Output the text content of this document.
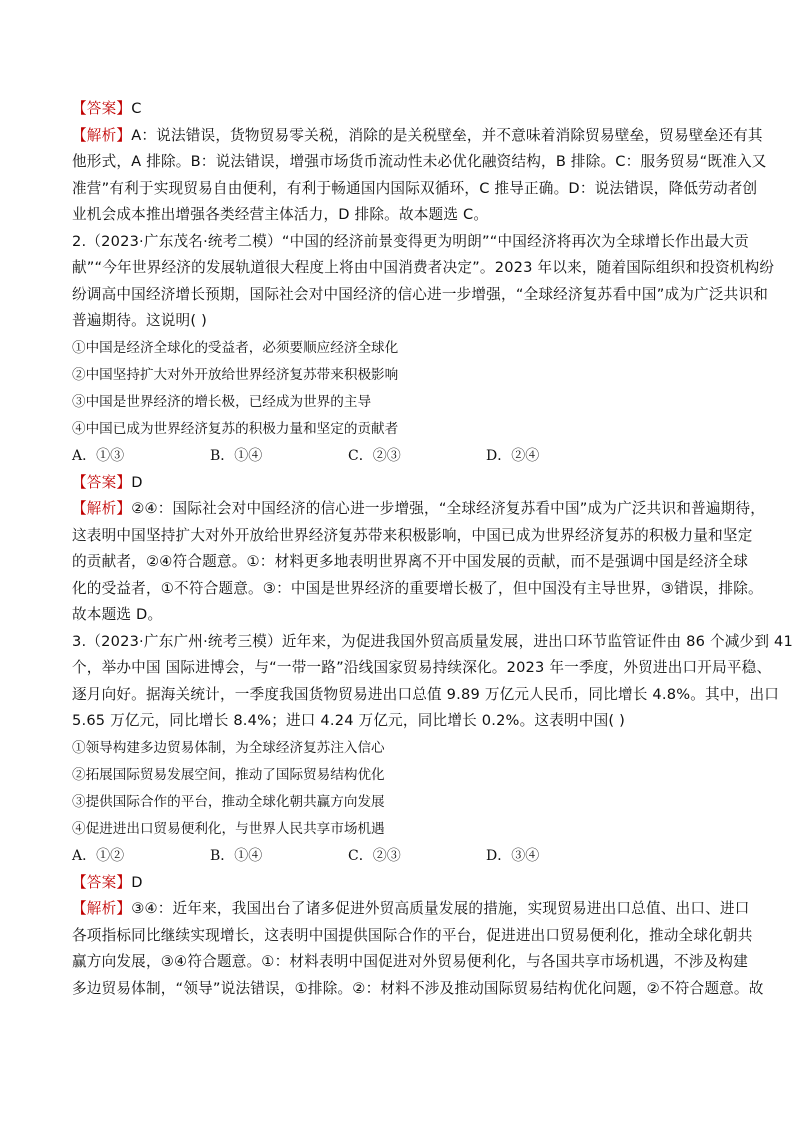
【答案】C
【解析】A：说法错误，货物贸易零关税，消除的是关税壁垒，并不意味着消除贸易壁垒，贸易壁垒还有其
他形式，A 排除。B：说法错误，增强市场货币流动性未必优化融资结构，B 排除。C：服务贸易“既准入又
准营”有利于实现贸易自由便利，有利于畅通国内国际双循环，C 推导正确。D：说法错误，降低劳动者创
业机会成本推出增强各类经营主体活力，D 排除。故本题选 C。
2.（2023·广东茂名·统考二模）“中国的经济前景变得更为明朗”“中国经济将再次为全球增长作出最大贡
献”“今年世界经济的发展轨道很大程度上将由中国消费者决定”。2023 年以来，随着国际组织和投资机构纷
纷调高中国经济增长预期，国际社会对中国经济的信心进一步增强，“全球经济复苏看中国”成为广泛共识和
普遍期待。这说明( )
①中国是经济全球化的受益者，必须要顺应经济全球化
②中国坚持扩大对外开放给世界经济复苏带来积极影响
③中国是世界经济的增长极，已经成为世界的主导
④中国已成为世界经济复苏的积极力量和坚定的贡献者
A．①③	B．①④	C．②③	D．②④
【答案】D
【解析】②④：国际社会对中国经济的信心进一步增强，“全球经济复苏看中国”成为广泛共识和普遍期待，
这表明中国坚持扩大对外开放给世界经济复苏带来积极影响，中国已成为世界经济复苏的积极力量和坚定
的贡献者，②④符合题意。①：材料更多地表明世界离不开中国发展的贡献，而不是强调中国是经济全球
化的受益者，①不符合题意。③：中国是世界经济的重要增长极了，但中国没有主导世界，③错误，排除。
故本题选 D。
3.（2023·广东广州·统考三模）近年来，为促进我国外贸高质量发展，进出口环节监管证件由 86 个减少到 41
个，举办中国 国际进博会，与“一带一路”沿线国家贸易持续深化。2023 年一季度，外贸进出口开局平稳、
逐月向好。据海关统计，一季度我国货物贸易进出口总值 9.89 万亿元人民币，同比增长 4.8%。其中，出口
5.65 万亿元，同比增长 8.4%；进口 4.24 万亿元，同比增长 0.2%。这表明中国( )
①领导构建多边贸易体制，为全球经济复苏注入信心
②拓展国际贸易发展空间，推动了国际贸易结构优化
③提供国际合作的平台，推动全球化朝共赢方向发展
④促进进出口贸易便利化，与世界人民共享市场机遇
A．①②	B．①④	C．②③	D．③④
【答案】D
【解析】③④：近年来，我国出台了诸多促进外贸高质量发展的措施，实现贸易进出口总值、出口、进口
各项指标同比继续实现增长，这表明中国提供国际合作的平台，促进进出口贸易便利化，推动全球化朝共
赢方向发展，③④符合题意。①：材料表明中国促进对外贸易便利化，与各国共享市场机遇，不涉及构建
多边贸易体制，“领导”说法错误，①排除。②：材料不涉及推动国际贸易结构优化问题，②不符合题意。故
